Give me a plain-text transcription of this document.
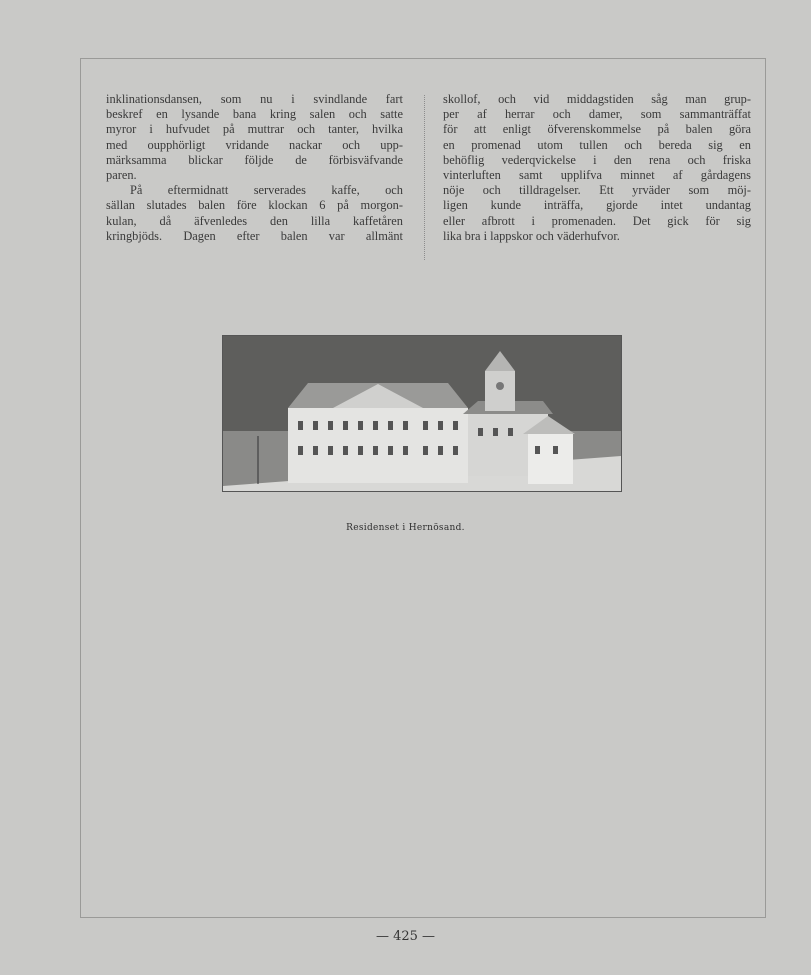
inklinationsdansen, som nu i svindlande fart
beskref en lysande bana kring salen och satte
myror i hufvudet på muttrar och tanter, hvilka
med oupphörligt vridande nackar och upp-
märksamma blickar följde de förbisväfvande
paren.
På eftermidnatt serverades kaffe, och
sällan slutades balen före klockan 6 på morgon-
kulan, då äfvenledes den lilla kaffetåren
kringbjöds. Dagen efter balen var allmänt
skollof, och vid middagstiden såg man grup-
per af herrar och damer, som sammanträffat
för att enligt öfverenskommelse på balen göra
en promenad utom tullen och bereda sig en
behöflig vederqvickelse i den rena och friska
vinterluften samt upplifva minnet af gårdagens
nöje och tilldragelser. Ett yrväder som möj-
ligen kunde inträffa, gjorde intet undantag
eller afbrott i promenaden. Det gick för sig
lika bra i lappskor och väderhufvor.
Residenset i Hernösand.
— 425 —
